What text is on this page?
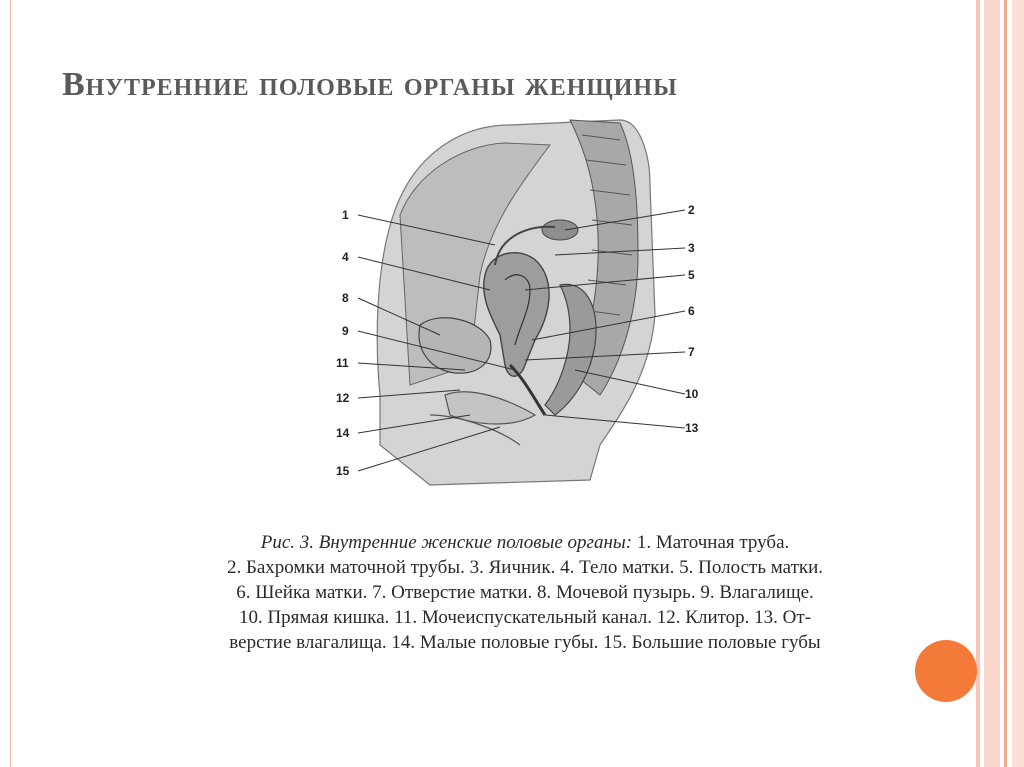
Внутренние половые органы женщины
1	2
3
4
5
6
7
8
9
10
11
12
13
14
15
Рис. 3. Внутренние женские половые органы: 1. Маточная труба.
2. Бахромки маточной трубы. 3. Яичник. 4. Тело матки. 5. Полость матки.
6. Шейка матки. 7. Отверстие матки. 8. Мочевой пузырь. 9. Влагалище.
10. Прямая кишка. 11. Мочеиспускательный канал. 12. Клитор. 13. От-
верстие влагалища. 14. Малые половые губы. 15. Большие половые губы
